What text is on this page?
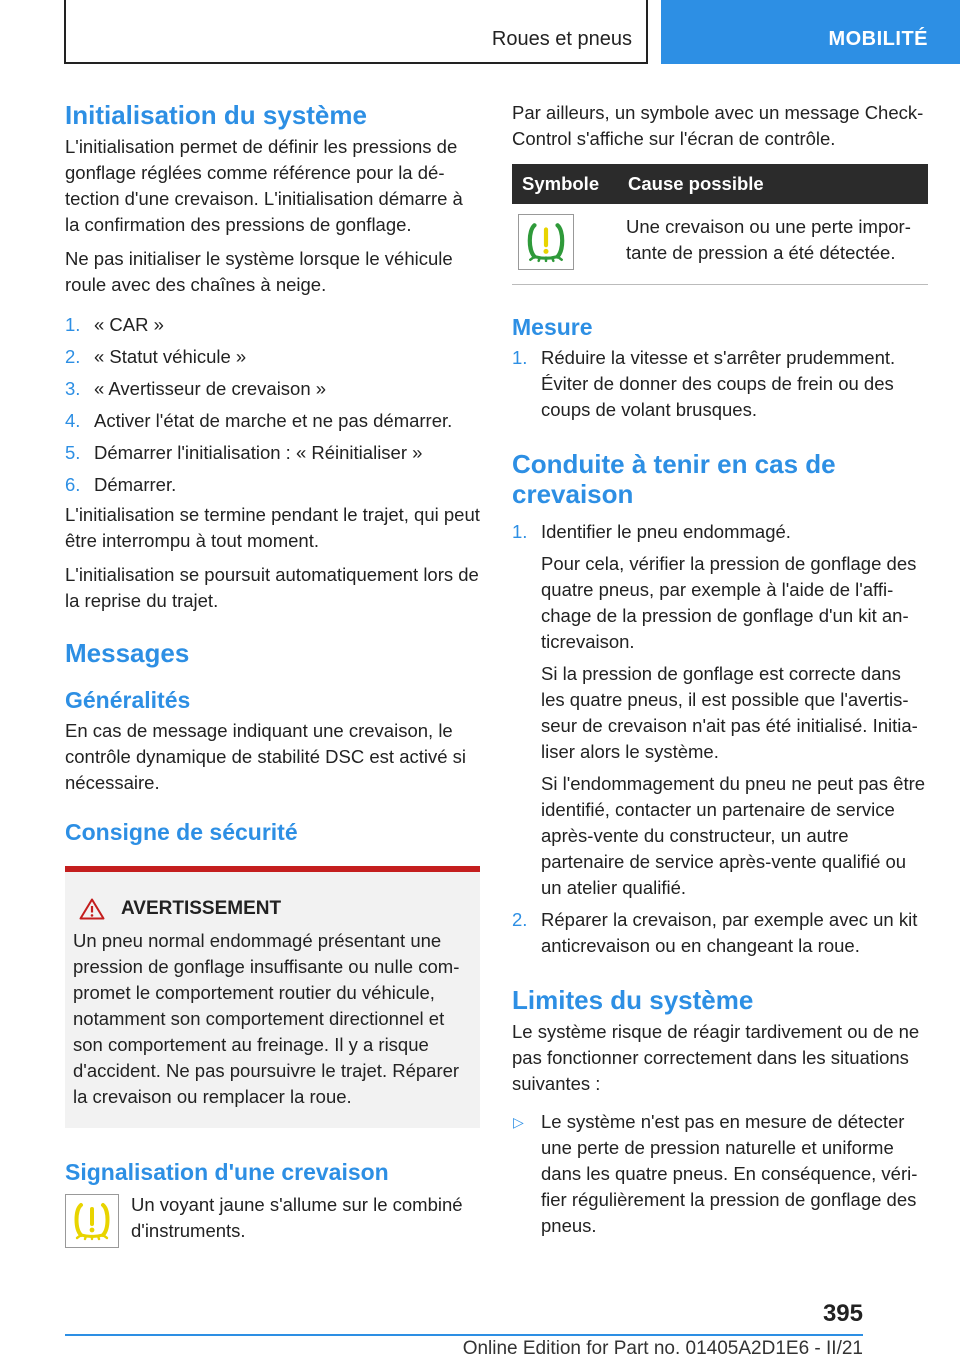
Roues et pneus	MOBILITÉ
Initialisation du système

L'initialisation permet de définir les pressions de gonflage réglées comme référence pour la détection d'une crevaison. L'initialisation démarre à la confirmation des pressions de gonflage.

Ne pas initialiser le système lorsque le véhicule roule avec des chaînes à neige.

1. « CAR »
2. « Statut véhicule »
3. « Avertisseur de crevaison »
4. Activer l'état de marche et ne pas démarrer.
5. Démarrer l'initialisation : « Réinitialiser »
6. Démarrer.

L'initialisation se termine pendant le trajet, qui peut être interrompu à tout moment.

L'initialisation se poursuit automatiquement lors de la reprise du trajet.

Messages
Généralités

En cas de message indiquant une crevaison, le contrôle dynamique de stabilité DSC est activé si nécessaire.

Consigne de sécurité
AVERTISSEMENT

Un pneu normal endommagé présentant une pression de gonflage insuffisante ou nulle compromet le comportement routier du véhicule, notamment son comportement directionnel et son comportement au freinage. Il y a risque d'accident. Ne pas poursuivre le trajet. Réparer la crevaison ou remplacer la roue.

Signalisation d'une crevaison

Un voyant jaune s'allume sur le combiné d'instruments.

Par ailleurs, un symbole avec un message Check-Control s'affiche sur l'écran de contrôle.

Symbole	Cause possible

	Une crevaison ou une perte importante de pression a été détectée.
Mesure
1. Réduire la vitesse et s'arrêter prudemment. Éviter de donner des coups de frein ou des coups de volant brusques.
Conduite à tenir en cas de crevaison
1. Identifier le pneu endommagé.

Pour cela, vérifier la pression de gonflage des quatre pneus, par exemple à l'aide de l'affichage de la pression de gonflage d'un kit anticrevaison.

Si la pression de gonflage est correcte dans les quatre pneus, il est possible que l'avertisseur de crevaison n'ait pas été initialisé. Initialiser alors le système.

Si l'endommagement du pneu ne peut pas être identifié, contacter un partenaire de service après-vente du constructeur, un autre partenaire de service après-vente qualifié ou un atelier qualifié.

2. Réparer la crevaison, par exemple avec un kit anticrevaison ou en changeant la roue.
Limites du système

Le système risque de réagir tardivement ou de ne pas fonctionner correctement dans les situations suivantes :

▷ Le système n'est pas en mesure de détecter une perte de pression naturelle et uniforme dans les quatre pneus. En conséquence, vérifier régulièrement la pression de gonflage des pneus.
395
Online Edition for Part no. 01405A2D1E6 - II/21
